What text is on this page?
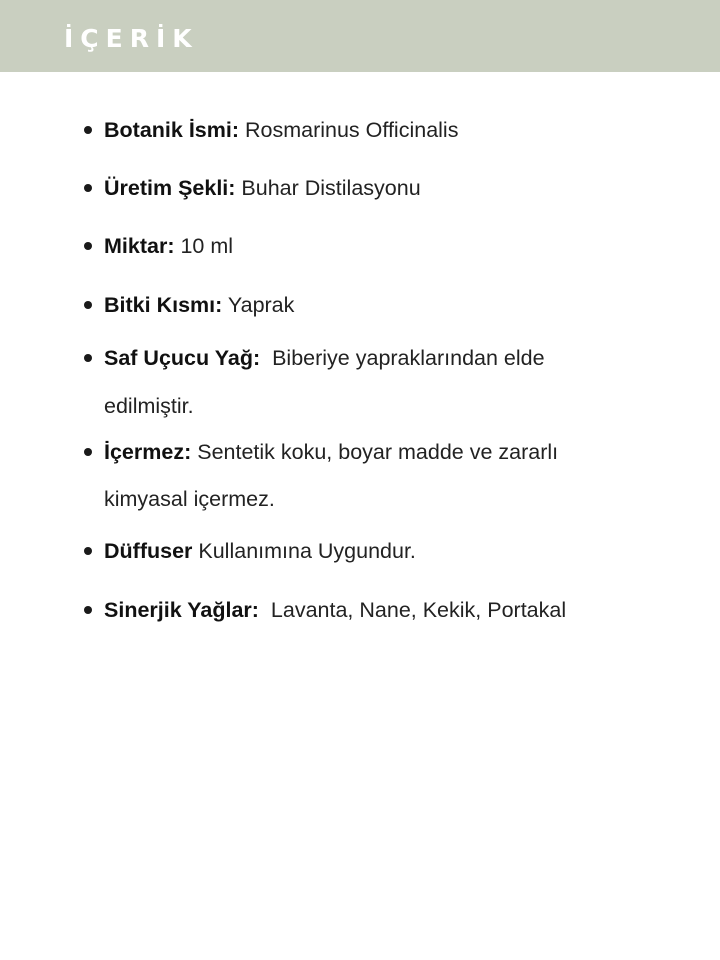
İÇERİK
Botanik İsmi: Rosmarinus Officinalis
Üretim Şekli: Buhar Distilasyonu
Miktar: 10 ml
Bitki Kısmı: Yaprak
Saf Uçucu Yağ:  Biberiye yapraklarından elde
edilmiştir.
İçermez: Sentetik koku, boyar madde ve zararlı
kimyasal içermez.
Düffuser Kullanımına Uygundur.
Sinerjik Yağlar:  Lavanta, Nane, Kekik, Portakal
